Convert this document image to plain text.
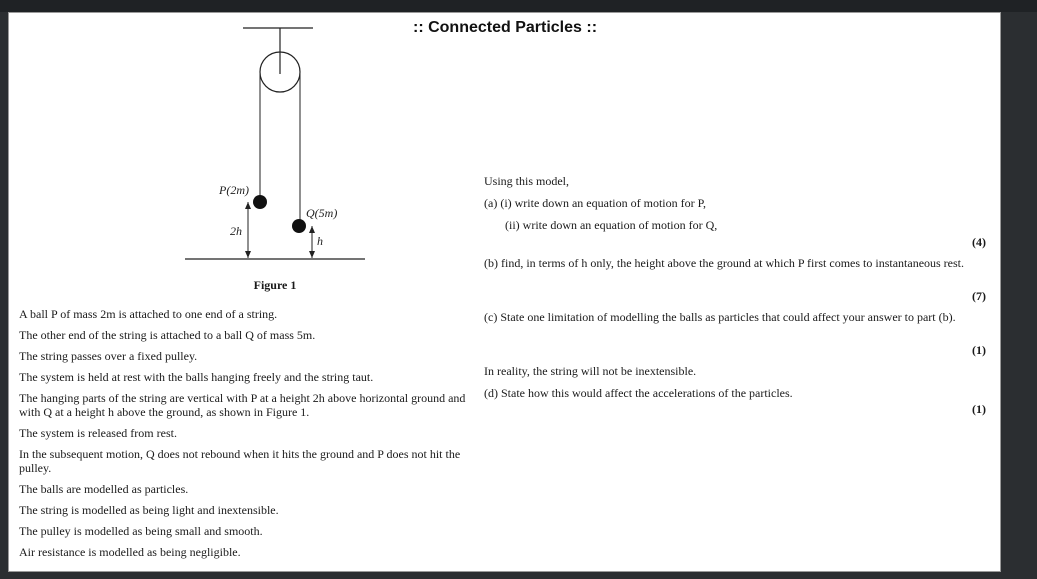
:: Connected Particles ::
P(2m)
Q(5m)
2h
h
Figure 1

A ball P of mass 2m is attached to one end of a string.

The other end of the string is attached to a ball Q of mass 5m.

The string passes over a fixed pulley.

The system is held at rest with the balls hanging freely and the string taut.

The hanging parts of the string are vertical with P at a height 2h above horizontal ground and with Q at a height h above the ground, as shown in Figure 1.

The system is released from rest.

In the subsequent motion, Q does not rebound when it hits the ground and P does not hit the pulley.

The balls are modelled as particles.

The string is modelled as being light and inextensible.

The pulley is modelled as being small and smooth.

Air resistance is modelled as being negligible.

Using this model,
(a) (i) write down an equation of motion for P,
(ii) write down an equation of motion for Q,
(4)
(b) find, in terms of h only, the height above the ground at which P first comes to instantaneous rest.
(7)
(c) State one limitation of modelling the balls as particles that could affect your answer to part (b).
(1)
In reality, the string will not be inextensible.
(d) State how this would affect the accelerations of the particles.
(1)
